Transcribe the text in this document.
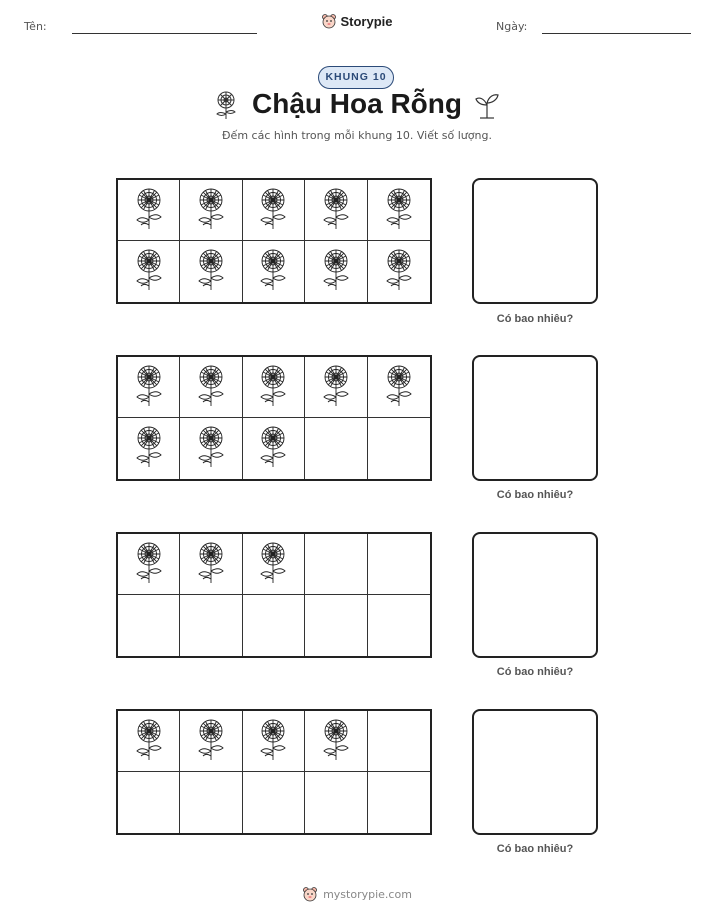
Tên:	Storypie	Ngày:
KHUNG 10
Chậu Hoa Rỗng
Đếm các hình trong mỗi khung 10. Viết số lượng.
Có bao nhiêu?
Có bao nhiêu?
Có bao nhiêu?
Có bao nhiêu?
mystorypie.com
